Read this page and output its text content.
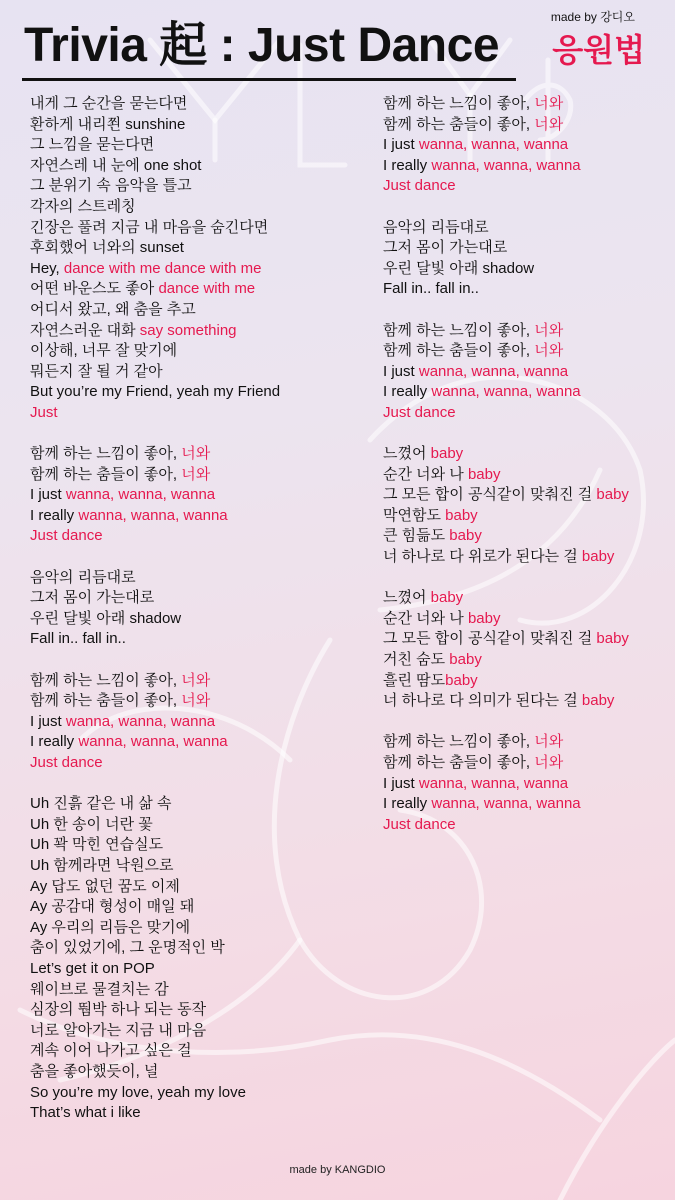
Trivia 起 : Just Dance
made by 강디오
응원법
내게 그 순간을 묻는다면
환하게 내리쬔 sunshine
그 느낌을 묻는다면
자연스레 내 눈에 one shot
그 분위기 속 음악을 틀고
각자의 스트레칭
긴장은 풀려 지금 내 마음을 숨긴다면
후회했어 너와의 sunset
Hey, dance with me dance with me
어떤 바운스도 좋아 dance with me
어디서 왔고, 왜 춤을 추고
자연스러운 대화 say something
이상해, 너무 잘 맞기에
뭐든지 잘 될 거 같아
But you’re my Friend, yeah my Friend
Just
함께 하는 느낌이 좋아, 너와
함께 하는 춤들이 좋아, 너와
I just wanna, wanna, wanna
I really wanna, wanna, wanna
Just dance
음악의 리듬대로
그저 몸이 가는대로
우린 달빛 아래 shadow
Fall in.. fall in..
함께 하는 느낌이 좋아, 너와
함께 하는 춤들이 좋아, 너와
I just wanna, wanna, wanna
I really wanna, wanna, wanna
Just dance
Uh 진흙 같은 내 삶 속
Uh 한 송이 너란 꽃
Uh 꽉 막힌 연습실도
Uh 함께라면 낙원으로
Ay 답도 없던 꿈도 이제
Ay 공감대 형성이 매일 돼
Ay 우리의 리듬은 맞기에
춤이 있었기에, 그 운명적인 박
Let’s get it on POP
웨이브로 물결치는 감
심장의 뛈박 하나 되는 동작
너로 알아가는 지금 내 마음
계속 이어 나가고 싶은 걸
춤을 좋아했듯이, 널
So you’re my love, yeah my love
That’s what i like
함께 하는 느낌이 좋아, 너와
함께 하는 춤들이 좋아, 너와
I just wanna, wanna, wanna
I really wanna, wanna, wanna
Just dance
음악의 리듬대로
그저 몸이 가는대로
우린 달빛 아래 shadow
Fall in.. fall in..
함께 하는 느낌이 좋아, 너와
함께 하는 춤들이 좋아, 너와
I just wanna, wanna, wanna
I really wanna, wanna, wanna
Just dance
느꼈어 baby
순간 너와 나 baby
그 모든 합이 공식같이 맞춰진 걸 baby
막연함도 baby
큰 힘듦도 baby
너 하나로 다 위로가 된다는 걸 baby
느꼈어 baby
순간 너와 나 baby
그 모든 합이 공식같이 맞춰진 걸 baby
거친 숨도 baby
흘린 땀도baby
너 하나로 다 의미가 된다는 걸 baby
함께 하는 느낌이 좋아, 너와
함께 하는 춤들이 좋아, 너와
I just wanna, wanna, wanna
I really wanna, wanna, wanna
Just dance
made by KANGDIO
